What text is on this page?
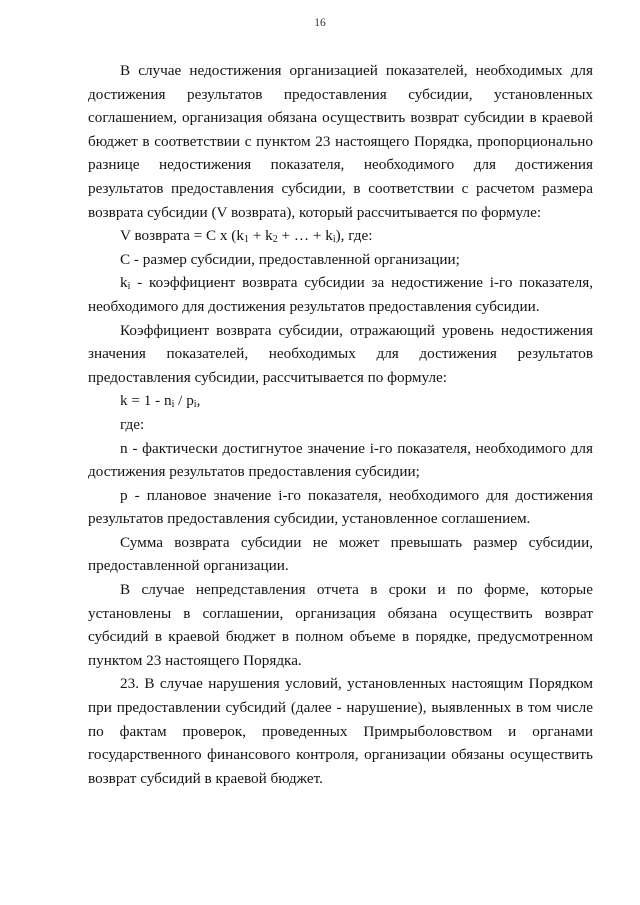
16

В случае недостижения организацией показателей, необходимых для достижения результатов предоставления субсидии, установленных соглашением, организация обязана осуществить возврат субсидии в краевой бюджет в соответствии с пунктом 23 настоящего Порядка, пропорционально разнице недостижения показателя, необходимого для достижения результатов предоставления субсидии, в соответствии с расчетом размера возврата субсидии (V возврата), который рассчитывается по формуле:

V возврата = C x ($k_1 + k_2$ + … + $k_i$), где:

C - размер субсидии, предоставленной организации;

$k_i$ - коэффициент возврата субсидии за недостижение i-го показателя, необходимого для достижения результатов предоставления субсидии.

Коэффициент возврата субсидии, отражающий уровень недостижения значения показателей, необходимых для достижения результатов предоставления субсидии, рассчитывается по формуле:

$k = 1 - n_i / p_i$,

где:

n - фактически достигнутое значение i-го показателя, необходимого для достижения результатов предоставления субсидии;

p - плановое значение i-го показателя, необходимого для достижения результатов предоставления субсидии, установленное соглашением.

Сумма возврата субсидии не может превышать размер субсидии, предоставленной организации.

В случае непредставления отчета в сроки и по форме, которые установлены в соглашении, организация обязана осуществить возврат субсидий в краевой бюджет в полном объеме в порядке, предусмотренном пунктом 23 настоящего Порядка.

23. В случае нарушения условий, установленных настоящим Порядком при предоставлении субсидий (далее - нарушение), выявленных в том числе по фактам проверок, проведенных Примрыболовством и органами государственного финансового контроля, организации обязаны осуществить возврат субсидий в краевой бюджет.
